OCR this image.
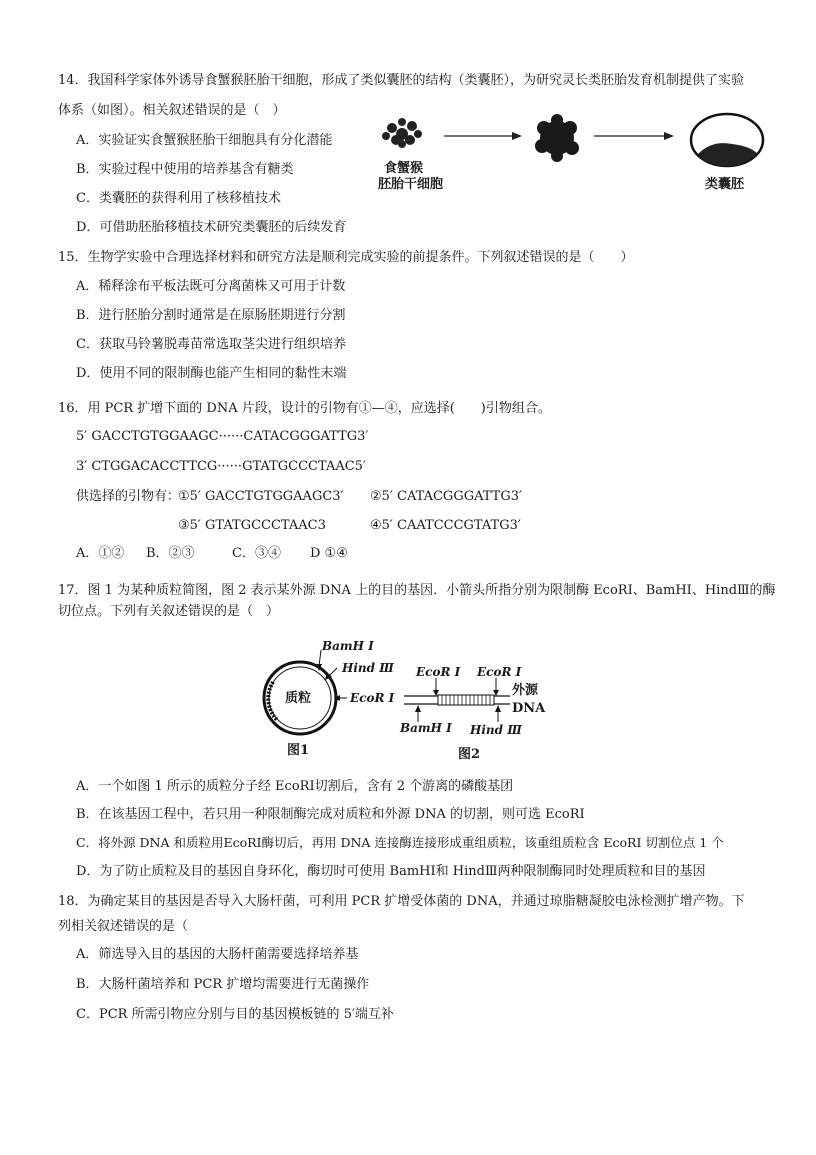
14．我国科学家体外诱导食蟹猴胚胎干细胞，形成了类似囊胚的结构（类囊胚），为研究灵长类胚胎发育机制提供了实验
体系（如图）。相关叙述错误的是（　）
A．实验证实食蟹猴胚胎干细胞具有分化潜能
B．实验过程中使用的培养基含有糖类
C．类囊胚的获得利用了核移植技术
D．可借助胚胎移植技术研究类囊胚的后续发育
食蟹猴
胚胎干细胞	类囊胚
15．生物学实验中合理选择材料和研究方法是顺利完成实验的前提条件。下列叙述错误的是（　　）
A．稀释涂布平板法既可分离菌株又可用于计数
B．进行胚胎分割时通常是在原肠胚期进行分割
C．获取马铃薯脱毒苗常选取茎尖进行组织培养
D．使用不同的限制酶也能产生相同的黏性末端
16．用 PCR 扩增下面的 DNA 片段，设计的引物有①—④，应选择(　　)引物组合。
5′ GACCTGTGGAAGC······CATACGGGATTG3′
3′ CTGGACACCTTCG······GTATGCCCTAAC5′
供选择的引物有：
①5′ GACCTGTGGAAGC3′ ②5′ CATACGGGATTG3′
③5′ GTATGCCCTAAC3	④5′ CAATCCCGTATG3′
A．①② B．②③	C．③④ D ①④
17．图 1 为某种质粒简图，图 2 表示某外源 DNA 上的目的基因．小箭头所指分别为限制酶 EcoRI、BamHI、HindⅢ的酶
切位点。下列有关叙述错误的是（　）
BamH Ⅰ
Hind Ⅲ
EcoR Ⅰ
质粒
图1
EcoR Ⅰ EcoR Ⅰ
外源
DNA
BamH Ⅰ Hind Ⅲ
图2
A．一个如图 1 所示的质粒分子经 EcoRI切割后，含有 2 个游离的磷酸基团
B．在该基因工程中，若只用一种限制酶完成对质粒和外源 DNA 的切割，则可选 EcoRI
C．将外源 DNA 和质粒用EcoRI酶切后，再用 DNA 连接酶连接形成重组质粒，该重组质粒含 EcoRI 切割位点 1 个
D．为了防止质粒及目的基因自身环化，酶切时可使用 BamHI和 HindⅢ两种限制酶同时处理质粒和目的基因
18．为确定某目的基因是否导入大肠杆菌，可利用 PCR 扩增受体菌的 DNA，并通过琼脂糖凝胶电泳检测扩增产物。下
列相关叙述错误的是（
A．筛选导入目的基因的大肠杆菌需要选择培养基
B．大肠杆菌培养和 PCR 扩增均需要进行无菌操作
C．PCR 所需引物应分别与目的基因模板链的 5′端互补
